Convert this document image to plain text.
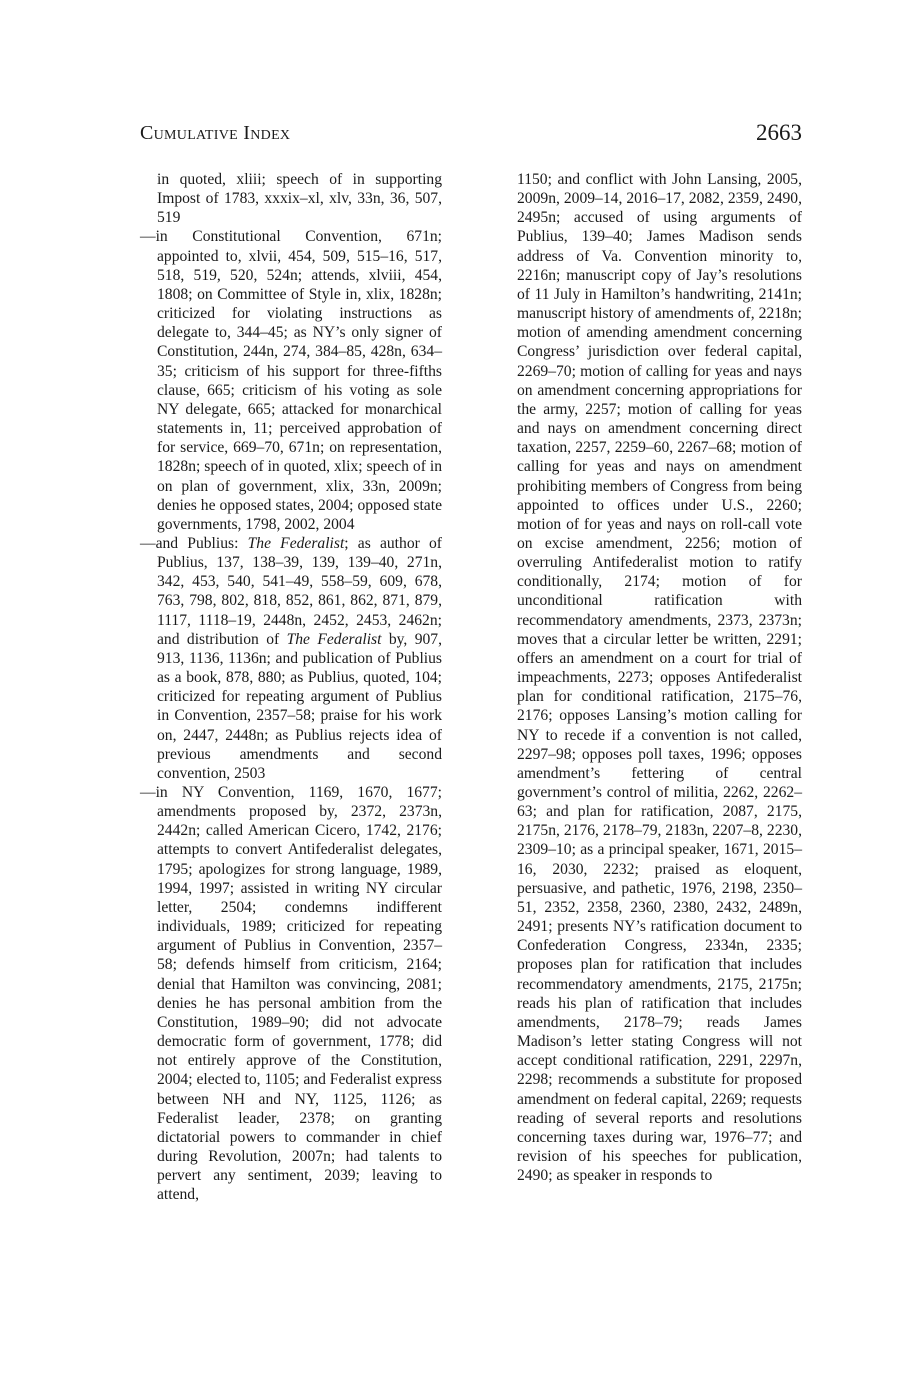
Cumulative Index	2663

in quoted, xliii; speech of in supporting Impost of 1783, xxxix–xl, xlv, 33n, 36, 507, 519

—in Constitutional Convention, 671n; appointed to, xlvii, 454, 509, 515–16, 517, 518, 519, 520, 524n; attends, xlviii, 454, 1808; on Committee of Style in, xlix, 1828n; criticized for violating instructions as delegate to, 344–45; as NY’s only signer of Constitution, 244n, 274, 384–85, 428n, 634–35; criticism of his support for three-fifths clause, 665; criticism of his voting as sole NY delegate, 665; attacked for monarchical statements in, 11; perceived approbation of for service, 669–70, 671n; on representation, 1828n; speech of in quoted, xlix; speech of in on plan of government, xlix, 33n, 2009n; denies he opposed states, 2004; opposed state governments, 1798, 2002, 2004

—and Publius: The Federalist; as author of Publius, 137, 138–39, 139, 139–40, 271n, 342, 453, 540, 541–49, 558–59, 609, 678, 763, 798, 802, 818, 852, 861, 862, 871, 879, 1117, 1118–19, 2448n, 2452, 2453, 2462n; and distribution of The Federalist by, 907, 913, 1136, 1136n; and publication of Publius as a book, 878, 880; as Publius, quoted, 104; criticized for repeating argument of Publius in Convention, 2357–58; praise for his work on, 2447, 2448n; as Publius rejects idea of previous amendments and second convention, 2503

—in NY Convention, 1169, 1670, 1677; amendments proposed by, 2372, 2373n, 2442n; called American Cicero, 1742, 2176; attempts to convert Antifederalist delegates, 1795; apologizes for strong language, 1989, 1994, 1997; assisted in writing NY circular letter, 2504; condemns indifferent individuals, 1989; criticized for repeating argument of Publius in Convention, 2357–58; defends himself from criticism, 2164; denial that Hamilton was convincing, 2081; denies he has personal ambition from the Constitution, 1989–90; did not advocate democratic form of government, 1778; did not entirely approve of the Constitution, 2004; elected to, 1105; and Federalist express between NH and NY, 1125, 1126; as Federalist leader, 2378; on granting dictatorial powers to commander in chief during Revolution, 2007n; had talents to pervert any sentiment, 2039; leaving to attend,

1150; and conflict with John Lansing, 2005, 2009n, 2009–14, 2016–17, 2082, 2359, 2490, 2495n; accused of using arguments of Publius, 139–40; James Madison sends address of Va. Convention minority to, 2216n; manuscript copy of Jay’s resolutions of 11 July in Hamilton’s handwriting, 2141n; manuscript history of amendments of, 2218n; motion of amending amendment concerning Congress’ jurisdiction over federal capital, 2269–70; motion of calling for yeas and nays on amendment concerning appropriations for the army, 2257; motion of calling for yeas and nays on amendment concerning direct taxation, 2257, 2259–60, 2267–68; motion of calling for yeas and nays on amendment prohibiting members of Congress from being appointed to offices under U.S., 2260; motion of for yeas and nays on roll-call vote on excise amendment, 2256; motion of overruling Antifederalist motion to ratify conditionally, 2174; motion of for unconditional ratification with recommendatory amendments, 2373, 2373n; moves that a circular letter be written, 2291; offers an amendment on a court for trial of impeachments, 2273; opposes Antifederalist plan for conditional ratification, 2175–76, 2176; opposes Lansing’s motion calling for NY to recede if a convention is not called, 2297–98; opposes poll taxes, 1996; opposes amendment’s fettering of central government’s control of militia, 2262, 2262–63; and plan for ratification, 2087, 2175, 2175n, 2176, 2178–79, 2183n, 2207–8, 2230, 2309–10; as a principal speaker, 1671, 2015–16, 2030, 2232; praised as eloquent, persuasive, and pathetic, 1976, 2198, 2350–51, 2352, 2358, 2360, 2380, 2432, 2489n, 2491; presents NY’s ratification document to Confederation Congress, 2334n, 2335; proposes plan for ratification that includes recommendatory amendments, 2175, 2175n; reads his plan of ratification that includes amendments, 2178–79; reads James Madison’s letter stating Congress will not accept conditional ratification, 2291, 2297n, 2298; recommends a substitute for proposed amendment on federal capital, 2269; requests reading of several reports and resolutions concerning taxes during war, 1976–77; and revision of his speeches for publication, 2490; as speaker in responds to
